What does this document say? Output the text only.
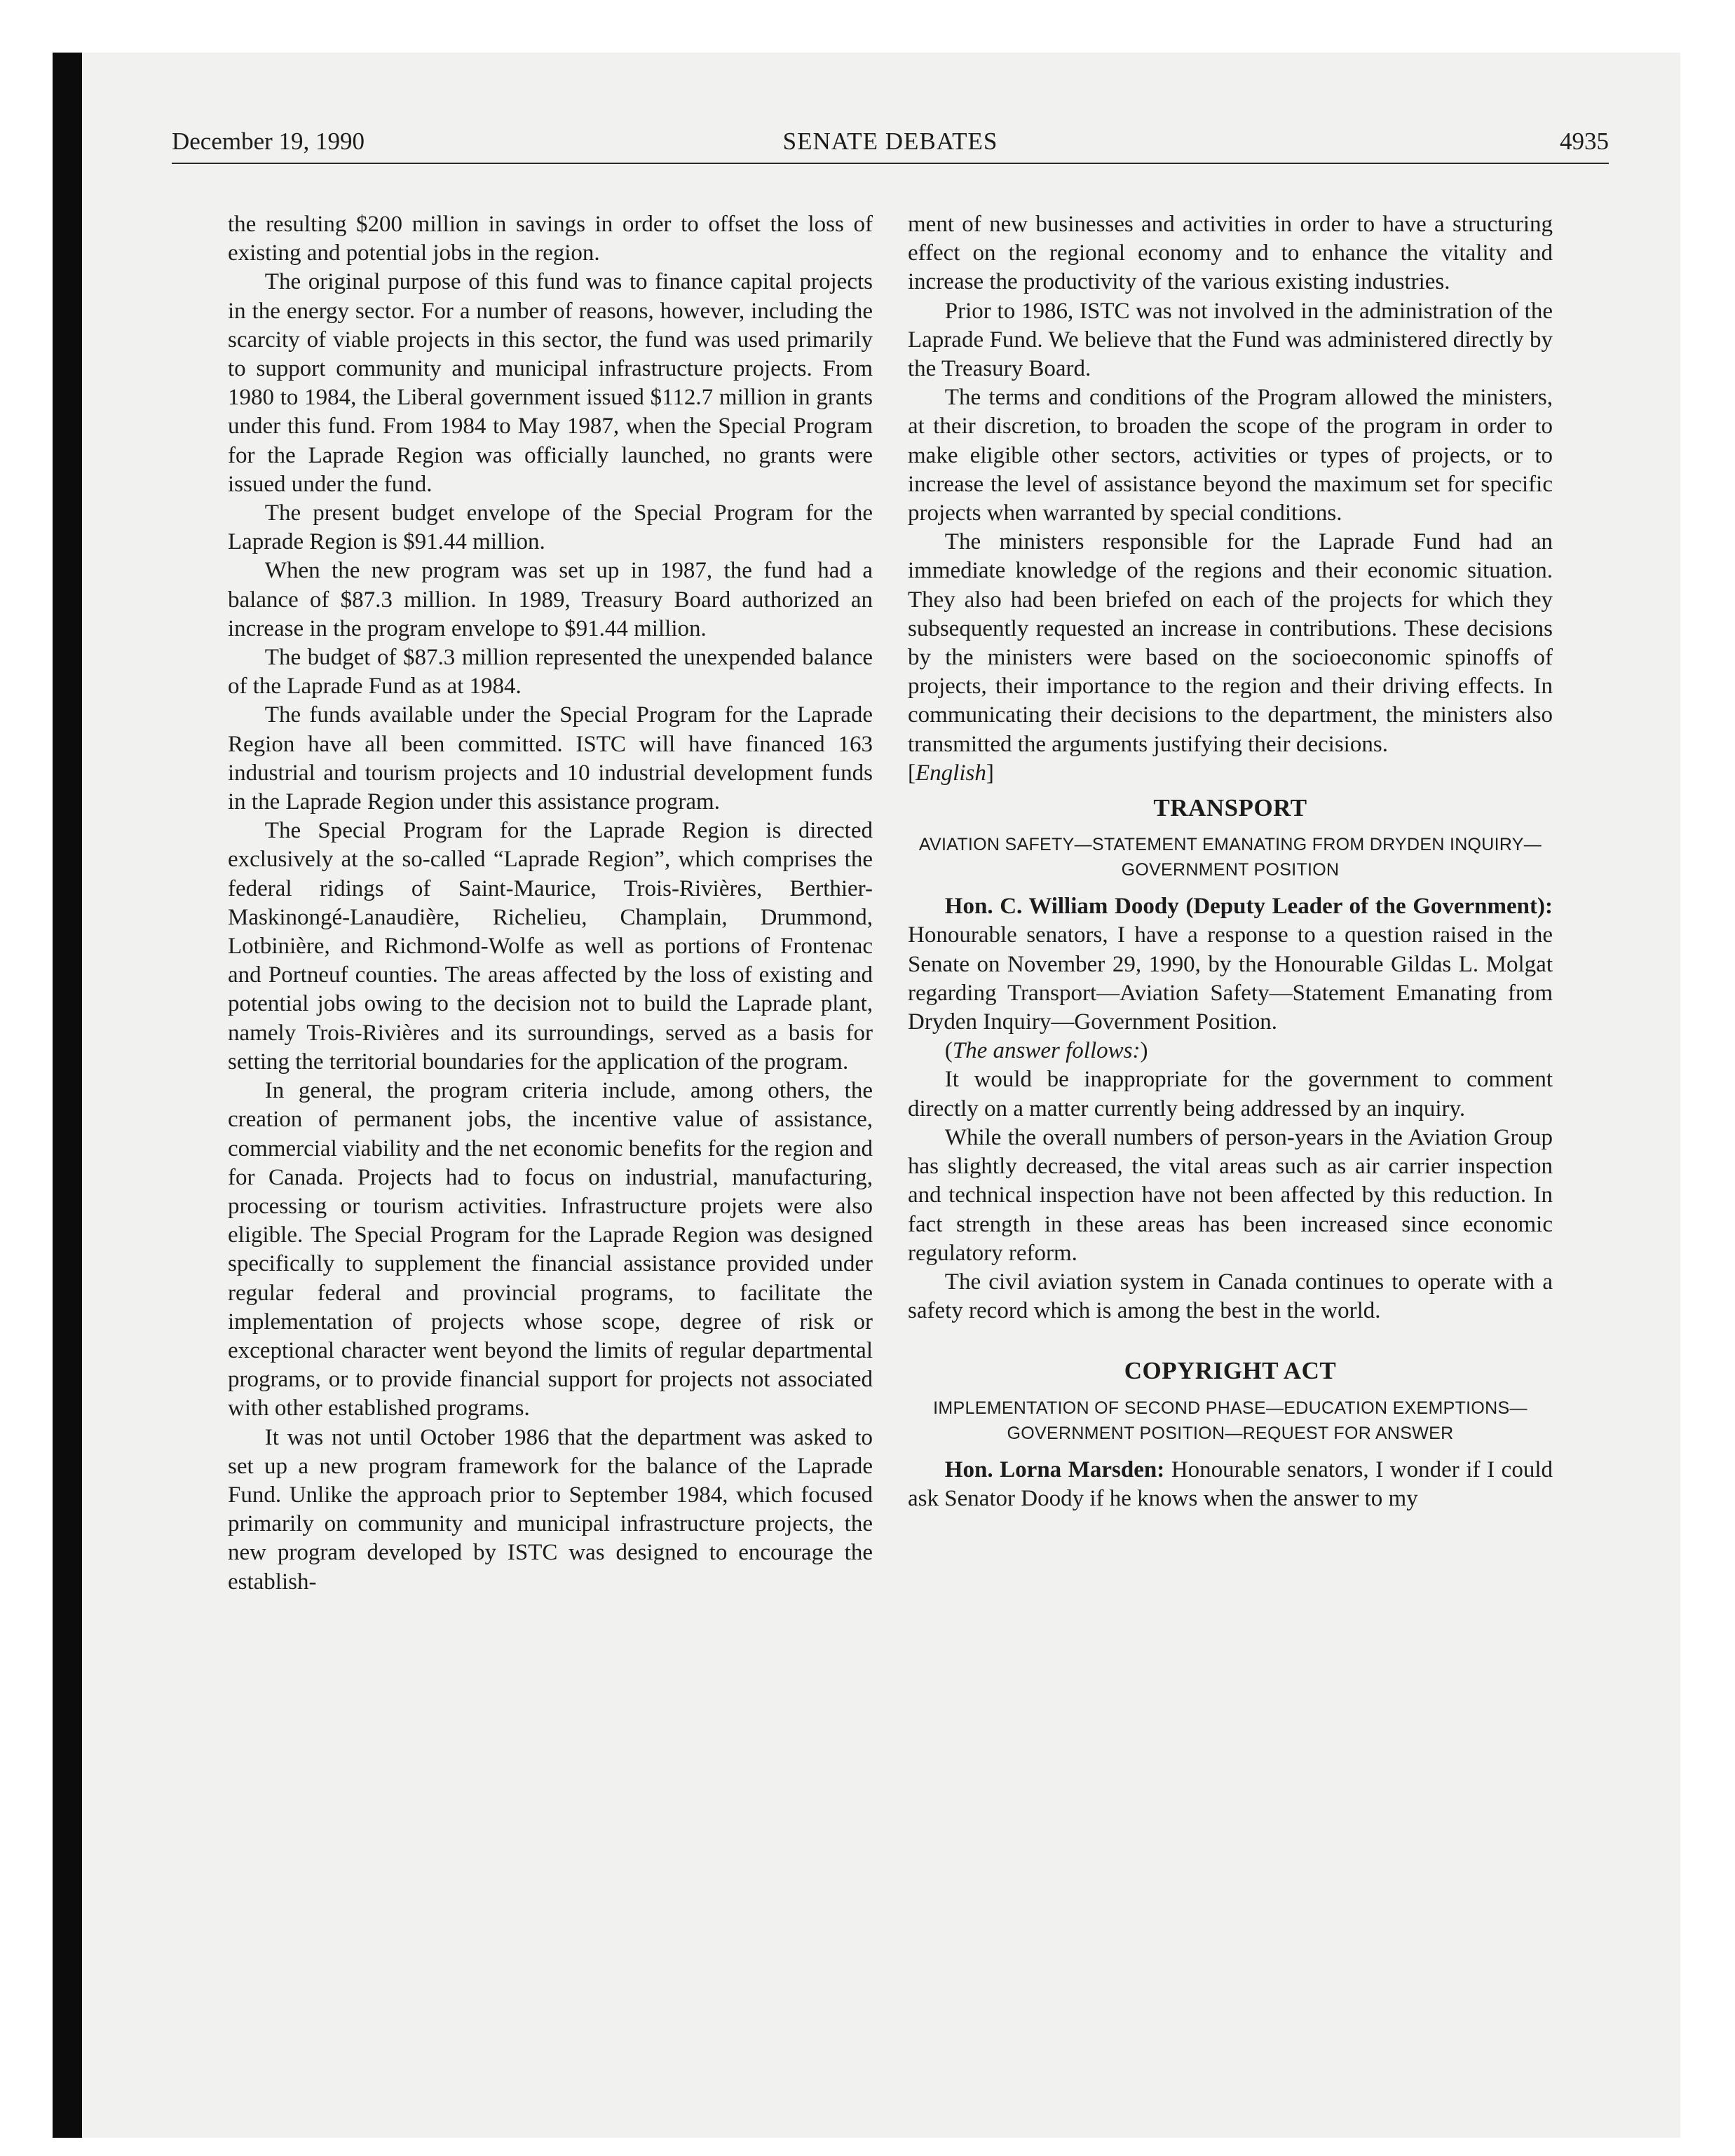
December 19, 1990	SENATE DEBATES	4935

the resulting $200 million in savings in order to offset the loss of existing and potential jobs in the region.

The original purpose of this fund was to finance capital projects in the energy sector. For a number of reasons, however, including the scarcity of viable projects in this sector, the fund was used primarily to support community and municipal infrastructure projects. From 1980 to 1984, the Liberal government issued $112.7 million in grants under this fund. From 1984 to May 1987, when the Special Program for the Laprade Region was officially launched, no grants were issued under the fund.

The present budget envelope of the Special Program for the Laprade Region is $91.44 million.

When the new program was set up in 1987, the fund had a balance of $87.3 million. In 1989, Treasury Board authorized an increase in the program envelope to $91.44 million.

The budget of $87.3 million represented the unexpended balance of the Laprade Fund as at 1984.

The funds available under the Special Program for the Laprade Region have all been committed. ISTC will have financed 163 industrial and tourism projects and 10 industrial development funds in the Laprade Region under this assistance program.

The Special Program for the Laprade Region is directed exclusively at the so-called “Laprade Region”, which comprises the federal ridings of Saint-Maurice, Trois-Rivières, Berthier-Maskinongé-Lanaudière, Richelieu, Champlain, Drummond, Lotbinière, and Richmond-Wolfe as well as portions of Frontenac and Portneuf counties. The areas affected by the loss of existing and potential jobs owing to the decision not to build the Laprade plant, namely Trois-Rivières and its surroundings, served as a basis for setting the territorial boundaries for the application of the program.

In general, the program criteria include, among others, the creation of permanent jobs, the incentive value of assistance, commercial viability and the net economic benefits for the region and for Canada. Projects had to focus on industrial, manufacturing, processing or tourism activities. Infrastructure projets were also eligible. The Special Program for the Laprade Region was designed specifically to supplement the financial assistance provided under regular federal and provincial programs, to facilitate the implementation of projects whose scope, degree of risk or exceptional character went beyond the limits of regular departmental programs, or to provide financial support for projects not associated with other established programs.

It was not until October 1986 that the department was asked to set up a new program framework for the balance of the Laprade Fund. Unlike the approach prior to September 1984, which focused primarily on community and municipal infrastructure projects, the new program developed by ISTC was designed to encourage the establish-

ment of new businesses and activities in order to have a structuring effect on the regional economy and to enhance the vitality and increase the productivity of the various existing industries.

Prior to 1986, ISTC was not involved in the administration of the Laprade Fund. We believe that the Fund was administered directly by the Treasury Board.

The terms and conditions of the Program allowed the ministers, at their discretion, to broaden the scope of the program in order to make eligible other sectors, activities or types of projects, or to increase the level of assistance beyond the maximum set for specific projects when warranted by special conditions.

The ministers responsible for the Laprade Fund had an immediate knowledge of the regions and their economic situation. They also had been briefed on each of the projects for which they subsequently requested an increase in contributions. These decisions by the ministers were based on the socioeconomic spinoffs of projects, their importance to the region and their driving effects. In communicating their decisions to the department, the ministers also transmitted the arguments justifying their decisions.

[English]

TRANSPORT
AVIATION SAFETY—STATEMENT EMANATING FROM DRYDEN INQUIRY—GOVERNMENT POSITION

Hon. C. William Doody (Deputy Leader of the Government): Honourable senators, I have a response to a question raised in the Senate on November 29, 1990, by the Honourable Gildas L. Molgat regarding Transport—Aviation Safety—Statement Emanating from Dryden Inquiry—Government Position.

(The answer follows:)

It would be inappropriate for the government to comment directly on a matter currently being addressed by an inquiry.

While the overall numbers of person-years in the Aviation Group has slightly decreased, the vital areas such as air carrier inspection and technical inspection have not been affected by this reduction. In fact strength in these areas has been increased since economic regulatory reform.

The civil aviation system in Canada continues to operate with a safety record which is among the best in the world.

COPYRIGHT ACT
IMPLEMENTATION OF SECOND PHASE—EDUCATION EXEMPTIONS—GOVERNMENT POSITION—REQUEST FOR ANSWER

Hon. Lorna Marsden: Honourable senators, I wonder if I could ask Senator Doody if he knows when the answer to my
